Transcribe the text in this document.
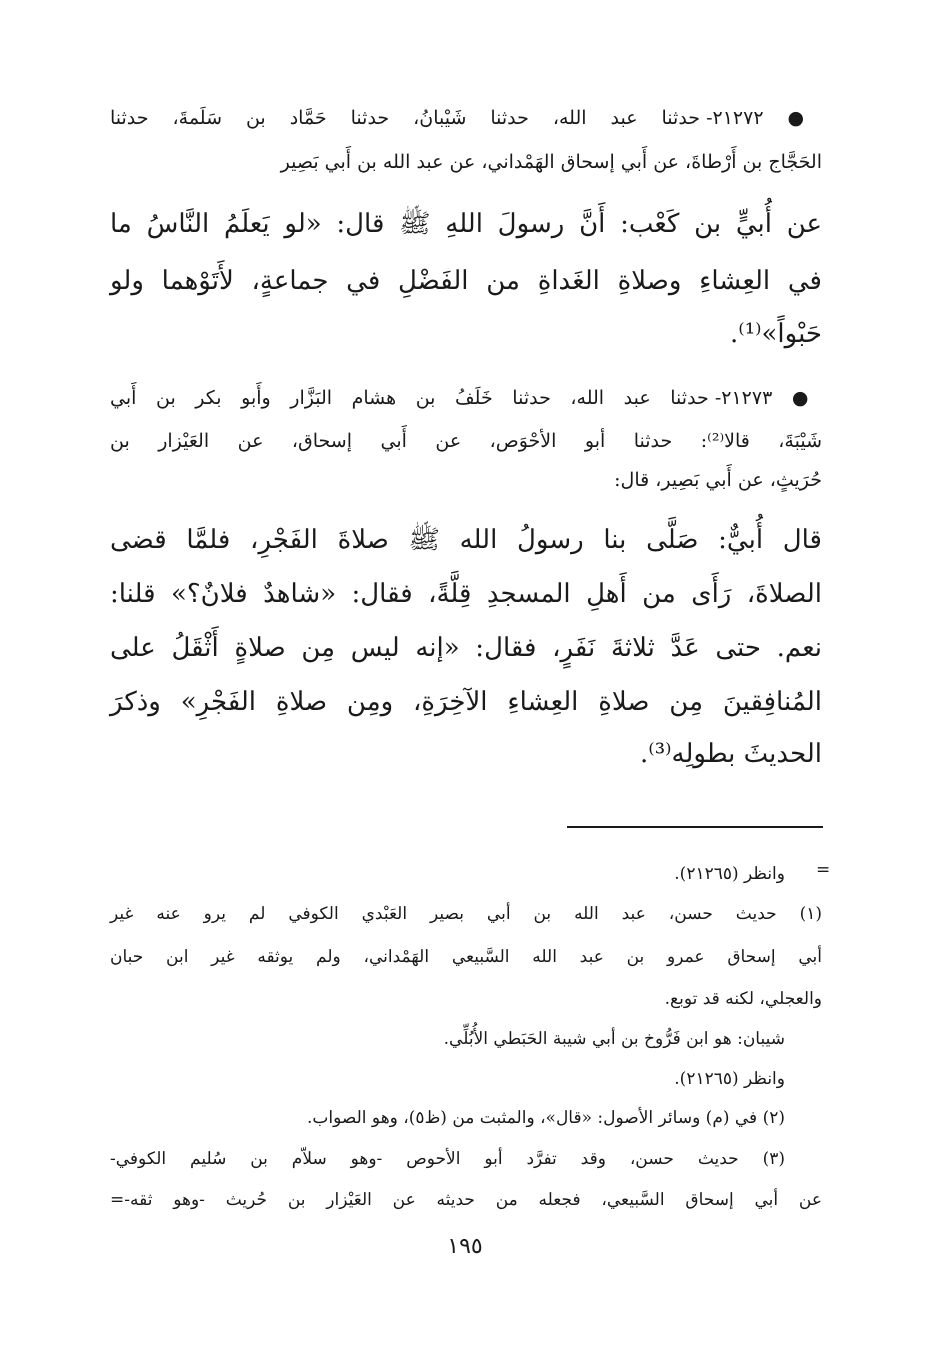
● ٢١٢٧٢- حدثنا عبد الله، حدثنا شَيْبانُ، حدثنا حَمَّاد بن سَلَمةَ، حدثنا
الحَجَّاج بن أَرْطاةَ، عن أَبي إسحاق الهَمْداني، عن عبد الله بن أَبي بَصِير
عن أُبيٍّ بن كَعْب: أَنَّ رسولَ اللهِ ﷺ قال: «لو يَعلَمُ النَّاسُ ما
في العِشاءِ وصلاةِ الغَداةِ من الفَضْلِ في جماعةٍ، لأَتَوْهما ولو
حَبْواً»⁽¹⁾.
● ٢١٢٧٣- حدثنا عبد الله، حدثنا خَلَفُ بن هشام البَزَّار وأَبو بكر بن أَبي
شَيْبَةَ، قالا⁽²⁾: حدثنا أبو الأحْوَص، عن أَبي إسحاق، عن العَيْزار بن
حُرَيثٍ، عن أَبي بَصِير، قال:
قال أُبيٌّ: صَلَّى بنا رسولُ الله ﷺ صلاةَ الفَجْرِ، فلمَّا قضى
الصلاةَ، رَأَى من أَهلِ المسجدِ قِلَّةً، فقال: «شاهدٌ فلانٌ؟» قلنا:
نعم. حتى عَدَّ ثلاثةَ نَفَرٍ، فقال: «إنه ليس مِن صلاةٍ أَثْقَلُ على
المُنافِقينَ مِن صلاةِ العِشاءِ الآخِرَةِ، ومِن صلاةِ الفَجْرِ» وذكرَ
الحديثَ بطولِه⁽³⁾.
=
وانظر (٢١٢٦٥).
(١) حديث حسن، عبد الله بن أبي بصير العَبْدي الكوفي لم يرو عنه غير
أبي إسحاق عمرو بن عبد الله السَّبيعي الهَمْداني، ولم يوثقه غير ابن حبان
والعجلي، لكنه قد توبع.
شيبان: هو ابن فَرُّوخ بن أبي شيبة الحَبَطي الأُبُلِّي.
وانظر (٢١٢٦٥).
(٢) في (م) وسائر الأصول: «قال»، والمثبت من (ظ٥)، وهو الصواب.
(٣) حديث حسن، وقد تفرَّد أبو الأحوص -وهو سلاّم بن سُليم الكوفي-
عن أبي إسحاق السَّبيعي، فجعله من حديثه عن العَيْزار بن حُريث -وهو ثقه-=
١٩٥
